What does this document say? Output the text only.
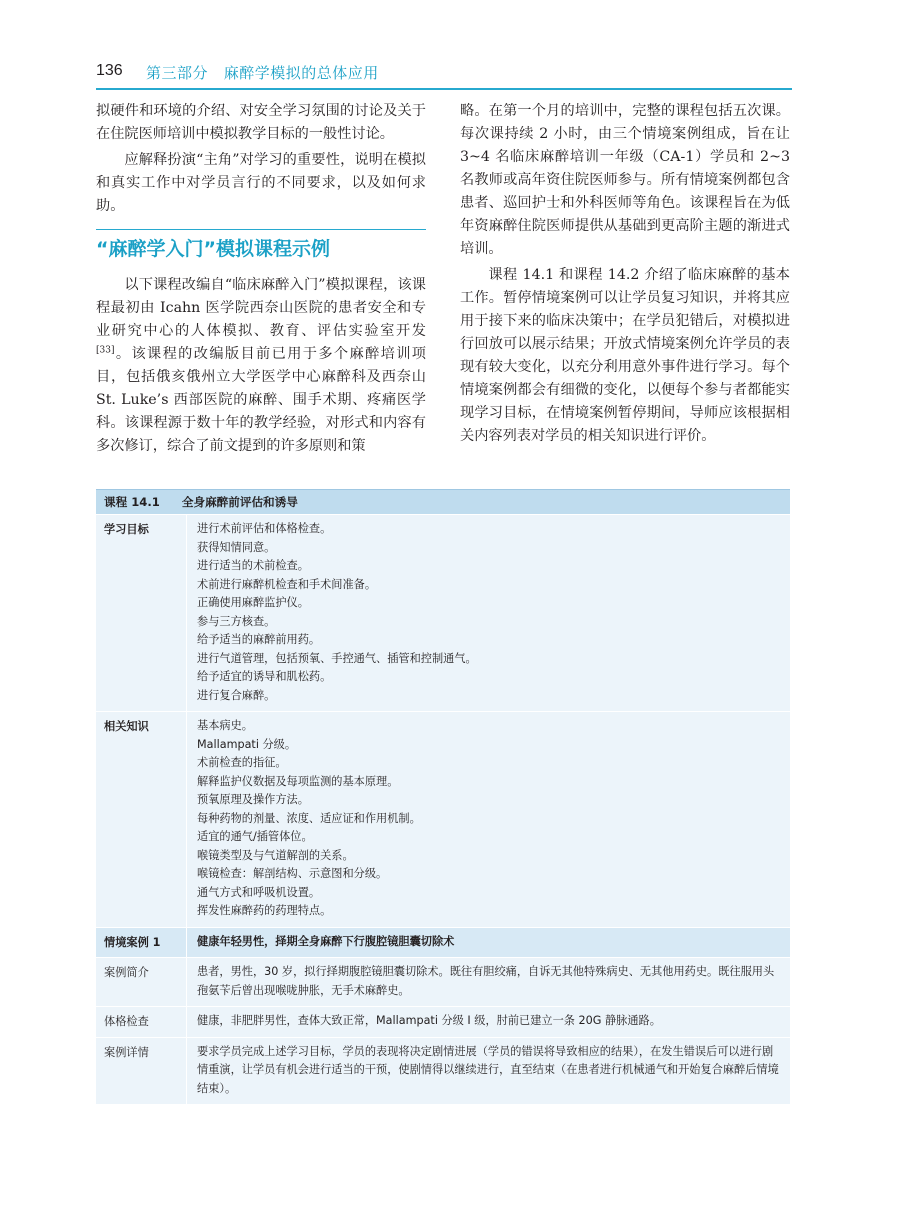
136 第三部分   麻醉学模拟的总体应用

拟硬件和环境的介绍、对安全学习氛围的讨论及关于在住院医师培训中模拟教学目标的一般性讨论。

应解释扮演“主角”对学习的重要性，说明在模拟和真实工作中对学员言行的不同要求，以及如何求助。

“麻醉学入门”模拟课程示例

以下课程改编自“临床麻醉入门”模拟课程，该课程最初由 Icahn 医学院西奈山医院的患者安全和专业研究中心的人体模拟、教育、评估实验室开发[33]。该课程的改编版目前已用于多个麻醉培训项目，包括俄亥俄州立大学医学中心麻醉科及西奈山 St. Luke’s 西部医院的麻醉、围手术期、疼痛医学科。该课程源于数十年的教学经验，对形式和内容有多次修订，综合了前文提到的许多原则和策

略。在第一个月的培训中，完整的课程包括五次课。每次课持续 2 小时，由三个情境案例组成，旨在让 3~4 名临床麻醉培训一年级（CA-1）学员和 2~3 名教师或高年资住院医师参与。所有情境案例都包含患者、巡回护士和外科医师等角色。该课程旨在为低年资麻醉住院医师提供从基础到更高阶主题的渐进式培训。

课程 14.1 和课程 14.2 介绍了临床麻醉的基本工作。暂停情境案例可以让学员复习知识，并将其应用于接下来的临床决策中；在学员犯错后，对模拟进行回放可以展示结果；开放式情境案例允许学员的表现有较大变化，以充分利用意外事件进行学习。每个情境案例都会有细微的变化，以便每个参与者都能实现学习目标，在情境案例暂停期间，导师应该根据相关内容列表对学员的相关知识进行评价。

课程 14.1 全身麻醉前评估和诱导
学习目标	进行术前评估和体格检查。
获得知情同意。
进行适当的术前检查。
术前进行麻醉机检查和手术间准备。
正确使用麻醉监护仪。
参与三方核查。
给予适当的麻醉前用药。
进行气道管理，包括预氧、手控通气、插管和控制通气。
给予适宜的诱导和肌松药。
进行复合麻醉。
相关知识	基本病史。
Mallampati 分级。
术前检查的指征。
解释监护仪数据及每项监测的基本原理。
预氧原理及操作方法。
每种药物的剂量、浓度、适应证和作用机制。
适宜的通气/插管体位。
喉镜类型及与气道解剖的关系。
喉镜检查：解剖结构、示意图和分级。
通气方式和呼吸机设置。
挥发性麻醉药的药理特点。
情境案例 1	健康年轻男性，择期全身麻醉下行腹腔镜胆囊切除术
案例简介	患者，男性，30 岁，拟行择期腹腔镜胆囊切除术。既往有胆绞痛，自诉无其他特殊病史、无其他用药史。既往服用头孢氨苄后曾出现喉咙肿胀，无手术麻醉史。
体格检查	健康，非肥胖男性，查体大致正常，Mallampati 分级 I 级，肘前已建立一条 20G 静脉通路。
案例详情	要求学员完成上述学习目标，学员的表现将决定剧情进展（学员的错误将导致相应的结果），在发生错误后可以进行剧情重演，让学员有机会进行适当的干预，使剧情得以继续进行，直至结束（在患者进行机械通气和开始复合麻醉后情境结束）。
